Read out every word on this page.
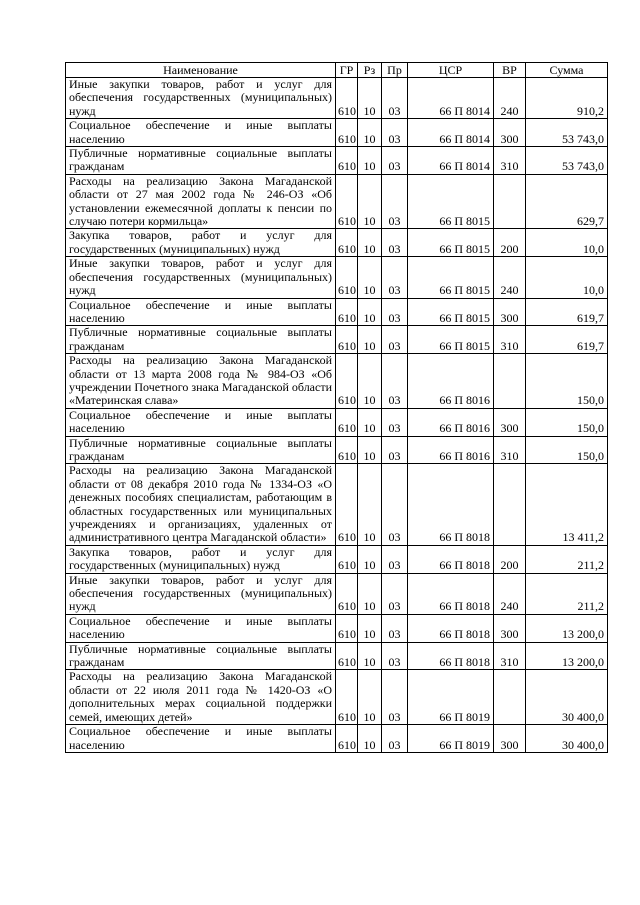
Наименование	ГР	Рз	Пр	ЦСР	ВР	Сумма
Иные закупки товаров, работ и услуг для обеспечения государственных (муниципальных) нужд	610	10	03	66 П 8014	240	910,2
Социальное обеспечение и иные выплаты населению	610	10	03	66 П 8014	300	53 743,0
Публичные нормативные социальные выплаты гражданам	610	10	03	66 П 8014	310	53 743,0
Расходы на реализацию Закона Магаданской области от 27 мая 2002 года № 246-ОЗ «Об установлении ежемесячной доплаты к пенсии по случаю потери кормильца»	610	10	03	66 П 8015		629,7
Закупка товаров, работ и услуг для государственных (муниципальных) нужд	610	10	03	66 П 8015	200	10,0
Иные закупки товаров, работ и услуг для обеспечения государственных (муниципальных) нужд	610	10	03	66 П 8015	240	10,0
Социальное обеспечение и иные выплаты населению	610	10	03	66 П 8015	300	619,7
Публичные нормативные социальные выплаты гражданам	610	10	03	66 П 8015	310	619,7
Расходы на реализацию Закона Магаданской области от 13 марта 2008 года № 984-ОЗ «Об учреждении Почетного знака Магаданской области «Материнская слава»	610	10	03	66 П 8016		150,0
Социальное обеспечение и иные выплаты населению	610	10	03	66 П 8016	300	150,0
Публичные нормативные социальные выплаты гражданам	610	10	03	66 П 8016	310	150,0
Расходы на реализацию Закона Магаданской области от 08 декабря 2010 года № 1334-ОЗ «О денежных пособиях специалистам, работающим в областных государственных или муниципальных учреждениях и организациях, удаленных от административного центра Магаданской области»	610	10	03	66 П 8018		13 411,2
Закупка товаров, работ и услуг для государственных (муниципальных) нужд	610	10	03	66 П 8018	200	211,2
Иные закупки товаров, работ и услуг для обеспечения государственных (муниципальных) нужд	610	10	03	66 П 8018	240	211,2
Социальное обеспечение и иные выплаты населению	610	10	03	66 П 8018	300	13 200,0
Публичные нормативные социальные выплаты гражданам	610	10	03	66 П 8018	310	13 200,0
Расходы на реализацию Закона Магаданской области от 22 июля 2011 года № 1420-ОЗ «О дополнительных мерах социальной поддержки семей, имеющих детей»	610	10	03	66 П 8019		30 400,0
Социальное обеспечение и иные выплаты населению	610	10	03	66 П 8019	300	30 400,0
